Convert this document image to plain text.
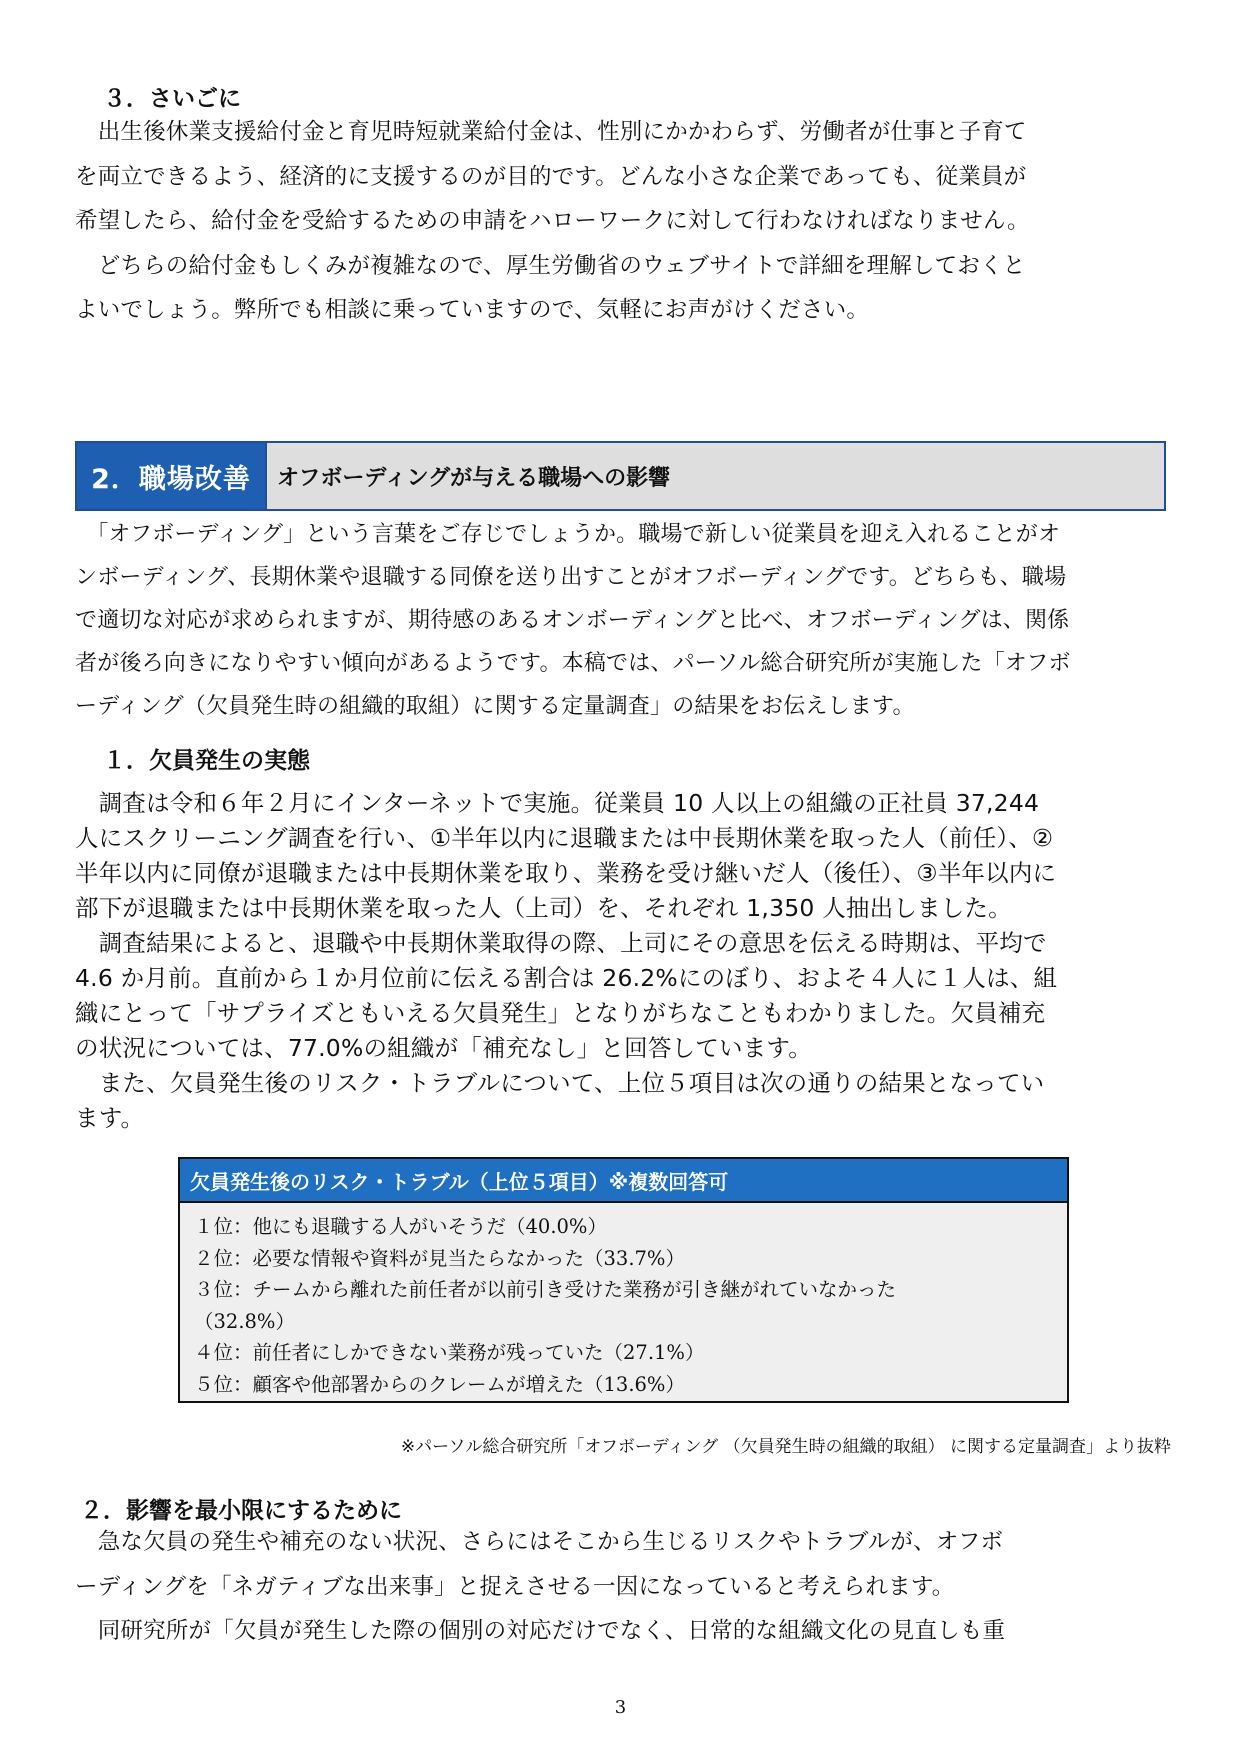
３．さいごに
　出生後休業支援給付金と育児時短就業給付金は、性別にかかわらず、労働者が仕事と子育て
を両立できるよう、経済的に支援するのが目的です。どんな小さな企業であっても、従業員が
希望したら、給付金を受給するための申請をハローワークに対して行わなければなりません。
　どちらの給付金もしくみが複雑なので、厚生労働省のウェブサイトで詳細を理解しておくと
よいでしょう。弊所でも相談に乗っていますので、気軽にお声がけください。
2．職場改善	オフボーディングが与える職場への影響
　「オフボーディング」という言葉をご存じでしょうか。職場で新しい従業員を迎え入れることがオ
ンボーディング、長期休業や退職する同僚を送り出すことがオフボーディングです。どちらも、職場
で適切な対応が求められますが、期待感のあるオンボーディングと比べ、オフボーディングは、関係
者が後ろ向きになりやすい傾向があるようです。本稿では、パーソル総合研究所が実施した「オフボ
ーディング（欠員発生時の組織的取組）に関する定量調査」の結果をお伝えします。
１．欠員発生の実態
　調査は令和６年２月にインターネットで実施。従業員 10 人以上の組織の正社員 37,244
人にスクリーニング調査を行い、①半年以内に退職または中長期休業を取った人（前任）、②
半年以内に同僚が退職または中長期休業を取り、業務を受け継いだ人（後任）、③半年以内に
部下が退職または中長期休業を取った人（上司）を、それぞれ 1,350 人抽出しました。
　調査結果によると、退職や中長期休業取得の際、上司にその意思を伝える時期は、平均で
4.6 か月前。直前から１か月位前に伝える割合は 26.2%にのぼり、およそ４人に１人は、組
織にとって「サプライズともいえる欠員発生」となりがちなこともわかりました。欠員補充
の状況については、77.0%の組織が「補充なし」と回答しています。
　また、欠員発生後のリスク・トラブルについて、上位５項目は次の通りの結果となってい
ます。
欠員発生後のリスク・トラブル（上位５項目）※複数回答可
１位：他にも退職する人がいそうだ（40.0%）
２位：必要な情報や資料が見当たらなかった（33.7%）
３位：チームから離れた前任者が以前引き受けた業務が引き継がれていなかった
（32.8%）
４位：前任者にしかできない業務が残っていた（27.1%）
５位：顧客や他部署からのクレームが増えた（13.6%）
※パーソル総合研究所「オフボーディング （欠員発生時の組織的取組） に関する定量調査」より抜粋
２．影響を最小限にするために
　急な欠員の発生や補充のない状況、さらにはそこから生じるリスクやトラブルが、オフボ
ーディングを「ネガティブな出来事」と捉えさせる一因になっていると考えられます。
　同研究所が「欠員が発生した際の個別の対応だけでなく、日常的な組織文化の見直しも重
3
